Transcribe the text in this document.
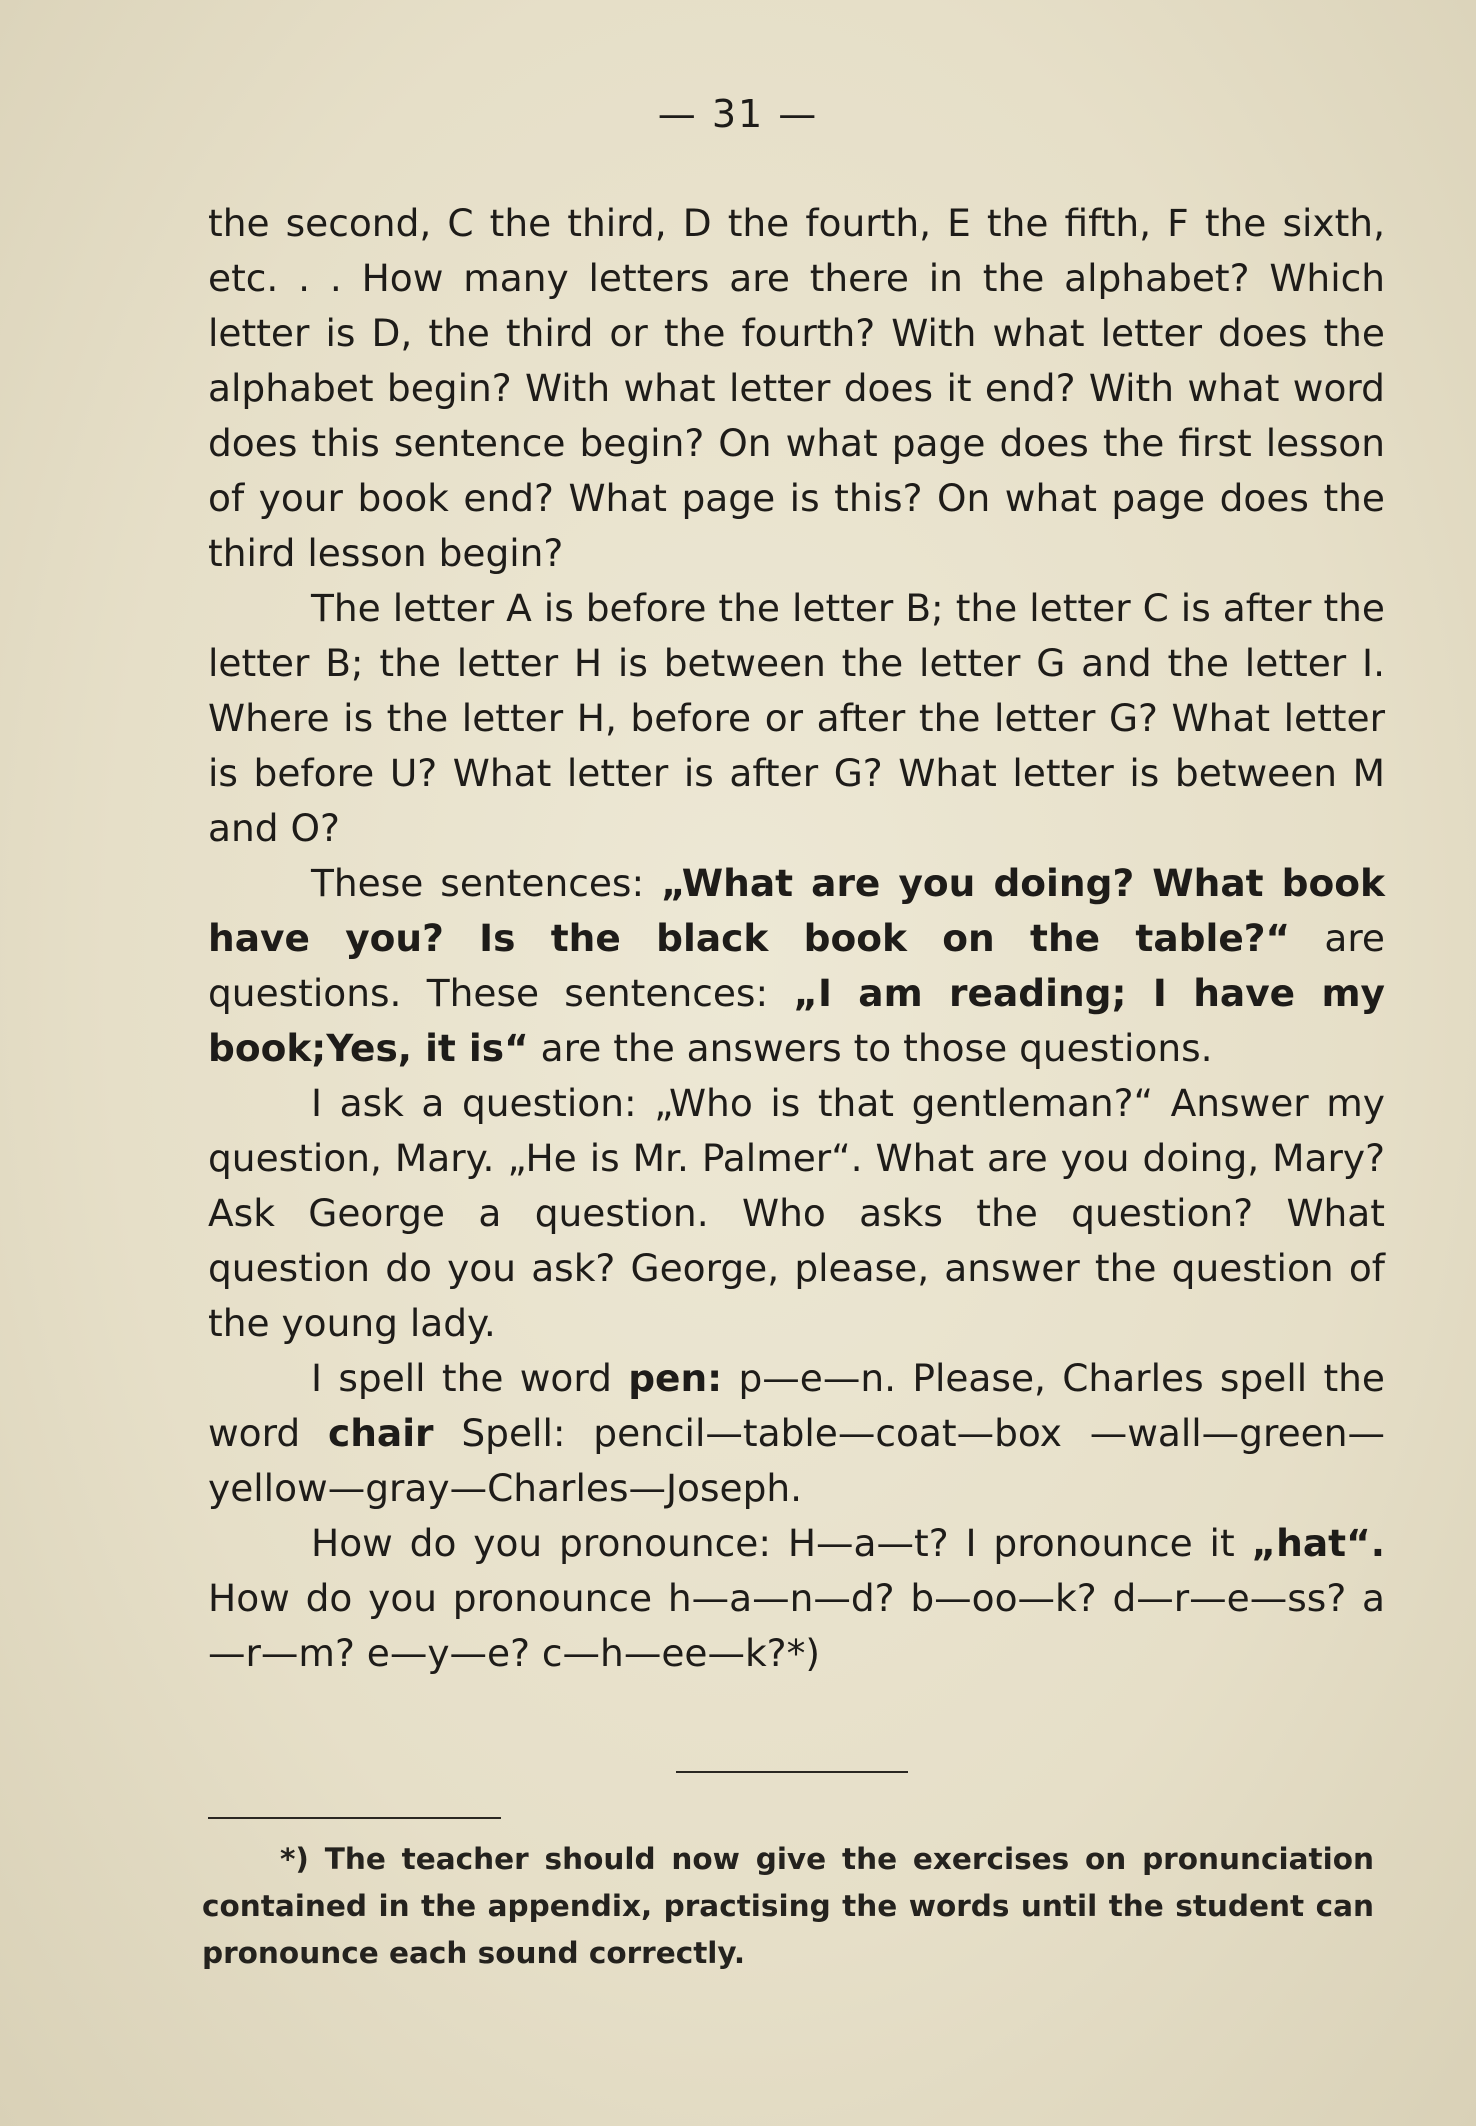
— 31 —

the second, C the third, D the fourth, E the fifth, F the sixth, etc. . . How many letters are there in the alphabet? Which letter is D, the third or the fourth? With what letter does the alphabet begin? With what letter does it end? With what word does this sentence begin? On what page does the first lesson of your book end? What page is this? On what page does the third lesson begin?

The letter A is before the letter B; the letter C is after the letter B; the letter H is between the letter G and the letter I. Where is the letter H, before or after the letter G? What letter is before U? What letter is after G? What letter is between M and O?

These sentences: „What are you doing? What book have you? Is the black book on the table?“ are questions. These sentences: „I am reading; I have my book;Yes, it is“ are the answers to those questions.

I ask a question: „Who is that gentleman?“ Answer my question, Mary. „He is Mr. Palmer“. What are you doing, Mary? Ask George a question. Who asks the question? What question do you ask? George, please, answer the question of the young lady.

I spell the word pen: p—e—n. Please, Charles spell the word chair Spell: pencil—table—coat—box —wall—green—yellow—gray—Charles—Joseph.

How do you pronounce: H—a—t? I pronounce it „hat“. How do you pronounce h—a—n—d? b—oo—k? d—r—e—ss? a—r—m? e—y—e? c—h—ee—k?*)

*) The teacher should now give the exercises on pronunciation contained in the appendix, practising the words until the student can pronounce each sound correctly.
